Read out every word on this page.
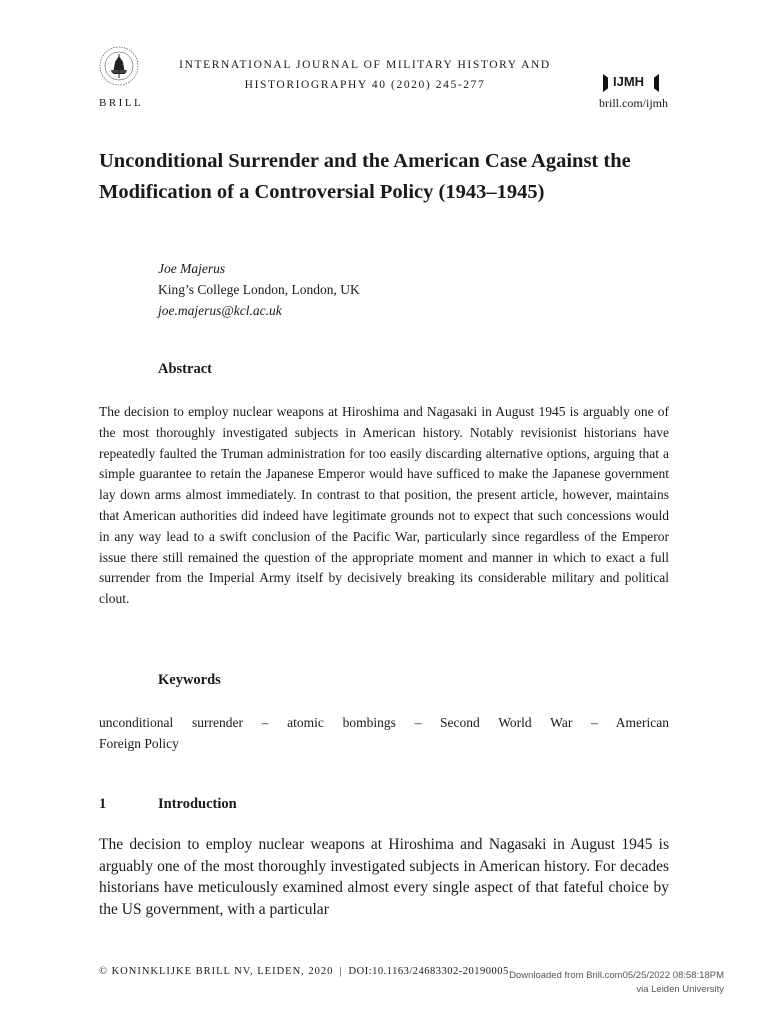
BRILL
INTERNATIONAL JOURNAL OF MILITARY HISTORY AND
HISTORIOGRAPHY 40 (2020) 245-277	IJMH
brill.com/ijmh
Unconditional Surrender and the American Case Against the Modification of a Controversial Policy (1943–1945)
Joe Majerus
King’s College London, London, UK
joe.majerus@kcl.ac.uk
Abstract

The decision to employ nuclear weapons at Hiroshima and Nagasaki in August 1945 is arguably one of the most thoroughly investigated subjects in American history. Notably revisionist historians have repeatedly faulted the Truman administration for too easily discarding alternative options, arguing that a simple guarantee to retain the Japanese Emperor would have sufficed to make the Japanese government lay down arms almost immediately. In contrast to that position, the present article, however, maintains that American authorities did indeed have legitimate grounds not to expect that such concessions would in any way lead to a swift conclusion of the Pacific War, particularly since regardless of the Emperor issue there still remained the question of the appropriate moment and manner in which to exact a full surrender from the Imperial Army itself by decisively breaking its considerable military and political clout.

Keywords

unconditional surrender – atomic bombings – Second World War – American
Foreign Policy

1	Introduction

The decision to employ nuclear weapons at Hiroshima and Nagasaki in August 1945 is arguably one of the most thoroughly investigated subjects in American history. For decades historians have meticulously examined almost every single aspect of that fateful choice by the US government, with a particular

© KONINKLIJKE BRILL NV, LEIDEN, 2020 | DOI:10.1163/24683302-20190005 Downloaded from Brill.com05/25/2022 08:58:18PM
via Leiden University
